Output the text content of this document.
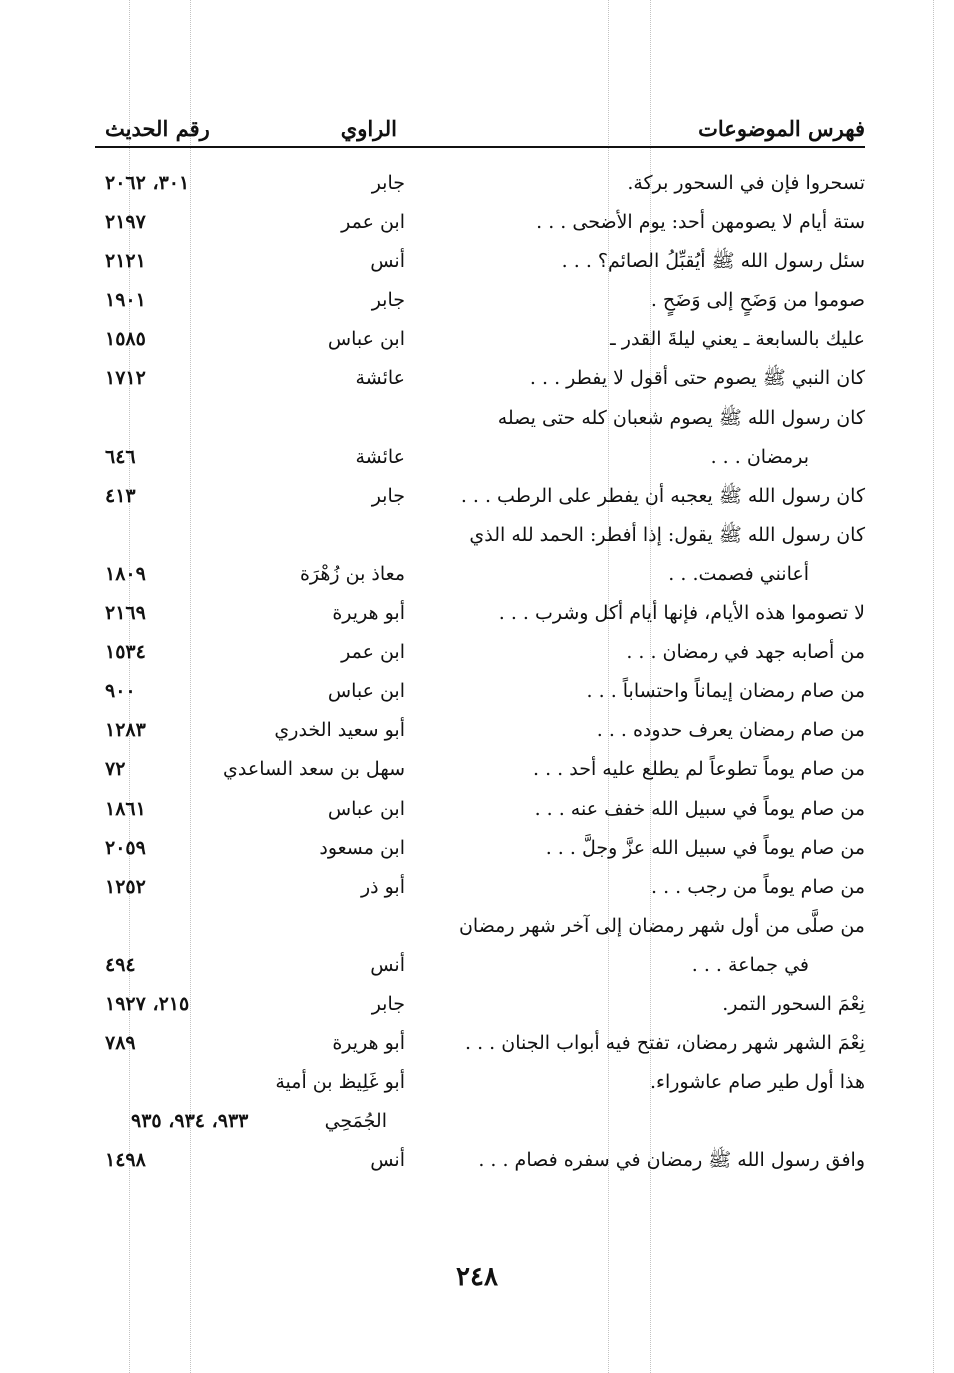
فهرس الموضوعات
الراوي
رقم الحديث
تسحروا فإن في السحور بركة.
جابر
٣٠١، ٢٠٦٢
ستة أيام لا يصومهن أحد: يوم الأضحى . . .
ابن عمر
٢١٩٧
سئل رسول الله ﷺ أيُقبِّلُ الصائم؟ . . .
أنس
٢١٢١
صوموا من وَضَحٍ إلى وَضَحٍ .
جابر
١٩٠١
عليك بالسابعة ـ يعني ليلةَ القدر ـ
ابن عباس
١٥٨٥
كان النبي ﷺ يصوم حتى أقول لا يفطر . . .
عائشة
١٧١٢
كان رسول الله ﷺ يصوم شعبان كله حتى يصله
برمضان . . .
عائشة
٦٤٦
كان رسول الله ﷺ يعجبه أن يفطر على الرطب . . .
جابر
٤١٣
كان رسول الله ﷺ يقول: إذا أفطر: الحمد لله الذي
أعانني فصمت. . .
معاذ بن زُهْرَة
١٨٠٩
لا تصوموا هذه الأيام، فإنها أيام أكل وشرب . . .
أبو هريرة
٢١٦٩
من أصابه جهد في رمضان . . .
ابن عمر
١٥٣٤
من صام رمضان إيماناً واحتساباً . . .
ابن عباس
٩٠٠
من صام رمضان يعرف حدوده . . .
أبو سعيد الخدري
١٢٨٣
من صام يوماً تطوعاً لم يطلع عليه أحد . . .
سهل بن سعد الساعدي
٧٢
من صام يوماً في سبيل الله خفف عنه . . .
ابن عباس
١٨٦١
من صام يوماً في سبيل الله عزَّ وجلَّ . . .
ابن مسعود
٢٠٥٩
من صام يوماً من رجب . . .
أبو ذر
١٢٥٢
من صلَّى من أول شهر رمضان إلى آخر شهر رمضان
في جماعة . . .
أنس
٤٩٤
نِعْمَ السحور التمر.
جابر
٢١٥، ١٩٢٧
نِعْمَ الشهر شهر رمضان، تفتح فيه أبواب الجنان . . .
أبو هريرة
٧٨٩
هذا أول طير صام عاشوراء.
أبو غَلِيظ بن أمية
الجُمَحِي
٩٣٣، ٩٣٤، ٩٣٥
وافق رسول الله ﷺ رمضان في سفره فصام . . .
أنس
١٤٩٨
٢٤٨
